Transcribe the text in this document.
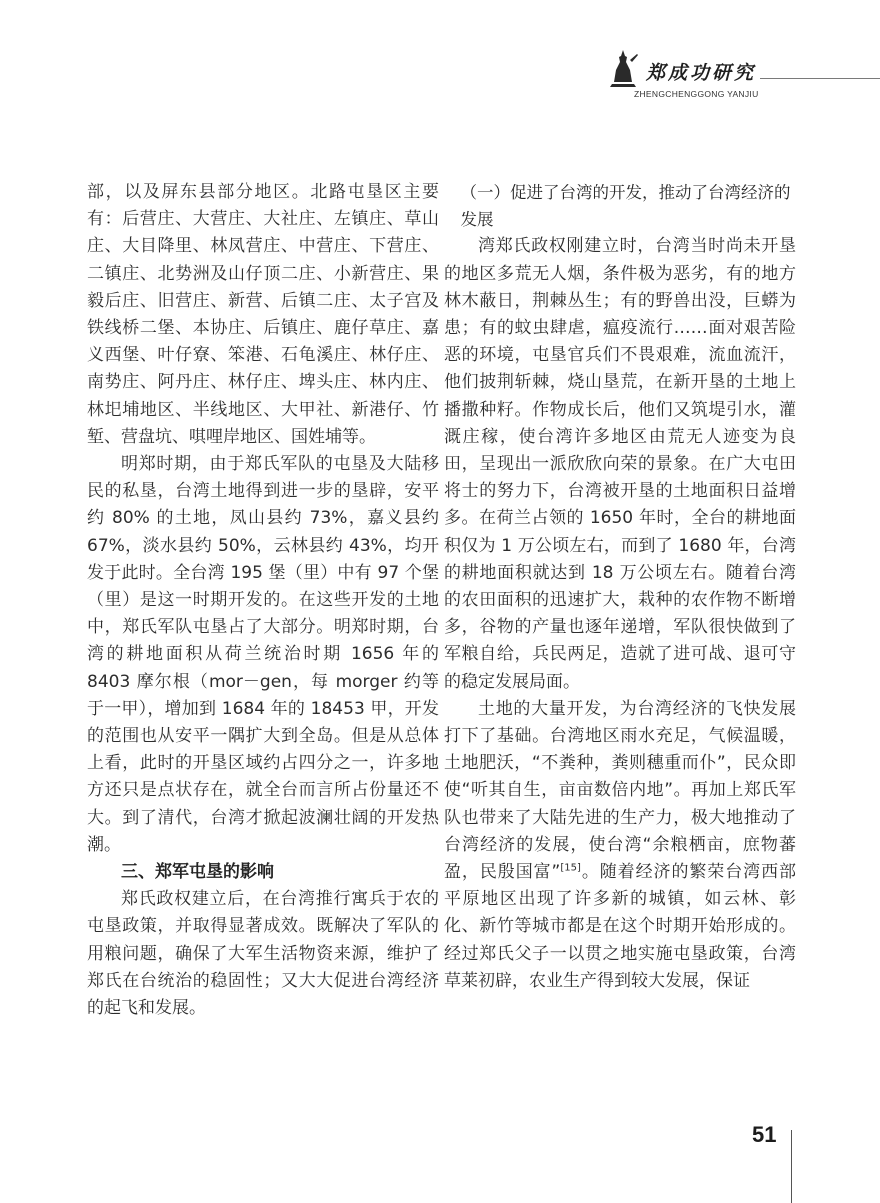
郑成功研究
ZHENGCHENGGONG YANJIU

部，以及屏东县部分地区。北路屯垦区主要有：后营庄、大营庄、大社庄、左镇庄、草山庄、大目降里、林凤营庄、中营庄、下营庄、二镇庄、北势洲及山仔顶二庄、小新营庄、果毅后庄、旧营庄、新营、后镇二庄、太子宫及铁线桥二堡、本协庄、后镇庄、鹿仔草庄、嘉义西堡、叶仔寮、笨港、石龟溪庄、林仔庄、南势庄、阿丹庄、林仔庄、埤头庄、林内庄、林圯埔地区、半线地区、大甲社、新港仔、竹堑、营盘坑、唭哩岸地区、国姓埔等。

明郑时期，由于郑氏军队的屯垦及大陆移民的私垦，台湾土地得到进一步的垦辟，安平约 80% 的土地，凤山县约 73%，嘉义县约 67%，淡水县约 50%，云林县约 43%，均开发于此时。全台湾 195 堡（里）中有 97 个堡（里）是这一时期开发的。在这些开发的土地中，郑氏军队屯垦占了大部分。明郑时期，台湾的耕地面积从荷兰统治时期 1656 年的 8403 摩尔根（mor－gen，每 morger 约等于一甲），增加到 1684 年的 18453 甲，开发的范围也从安平一隅扩大到全岛。但是从总体上看，此时的开垦区域约占四分之一，许多地方还只是点状存在，就全台而言所占份量还不大。到了清代，台湾才掀起波澜壮阔的开发热潮。

三、郑军屯垦的影响

郑氏政权建立后，在台湾推行寓兵于农的屯垦政策，并取得显著成效。既解决了军队的用粮问题，确保了大军生活物资来源，维护了郑氏在台统治的稳固性；又大大促进台湾经济的起飞和发展。

（一）促进了台湾的开发，推动了台湾经济的发展

湾郑氏政权刚建立时，台湾当时尚未开垦的地区多荒无人烟，条件极为恶劣，有的地方林木蔽日，荆棘丛生；有的野兽出没，巨蟒为患；有的蚊虫肆虐，瘟疫流行……面对艰苦险恶的环境，屯垦官兵们不畏艰难，流血流汗，他们披荆斩棘，烧山垦荒，在新开垦的土地上播撒种籽。作物成长后，他们又筑堤引水，灌溉庄稼，使台湾许多地区由荒无人迹变为良田，呈现出一派欣欣向荣的景象。在广大屯田将士的努力下，台湾被开垦的土地面积日益增多。在荷兰占领的 1650 年时，全台的耕地面积仅为 1 万公顷左右，而到了 1680 年，台湾的耕地面积就达到 18 万公顷左右。随着台湾的农田面积的迅速扩大，栽种的农作物不断增多，谷物的产量也逐年递增，军队很快做到了军粮自给，兵民两足，造就了进可战、退可守的稳定发展局面。

土地的大量开发，为台湾经济的飞快发展打下了基础。台湾地区雨水充足，气候温暖，土地肥沃，“不粪种，粪则穗重而仆”，民众即使“听其自生，亩亩数倍内地”。再加上郑氏军队也带来了大陆先进的生产力，极大地推动了台湾经济的发展，使台湾“余粮栖亩，庶物蕃盈，民殷国富”[15]。随着经济的繁荣台湾西部平原地区出现了许多新的城镇，如云林、彰化、新竹等城市都是在这个时期开始形成的。经过郑氏父子一以贯之地实施屯垦政策，台湾草莱初辟，农业生产得到较大发展，保证

51
